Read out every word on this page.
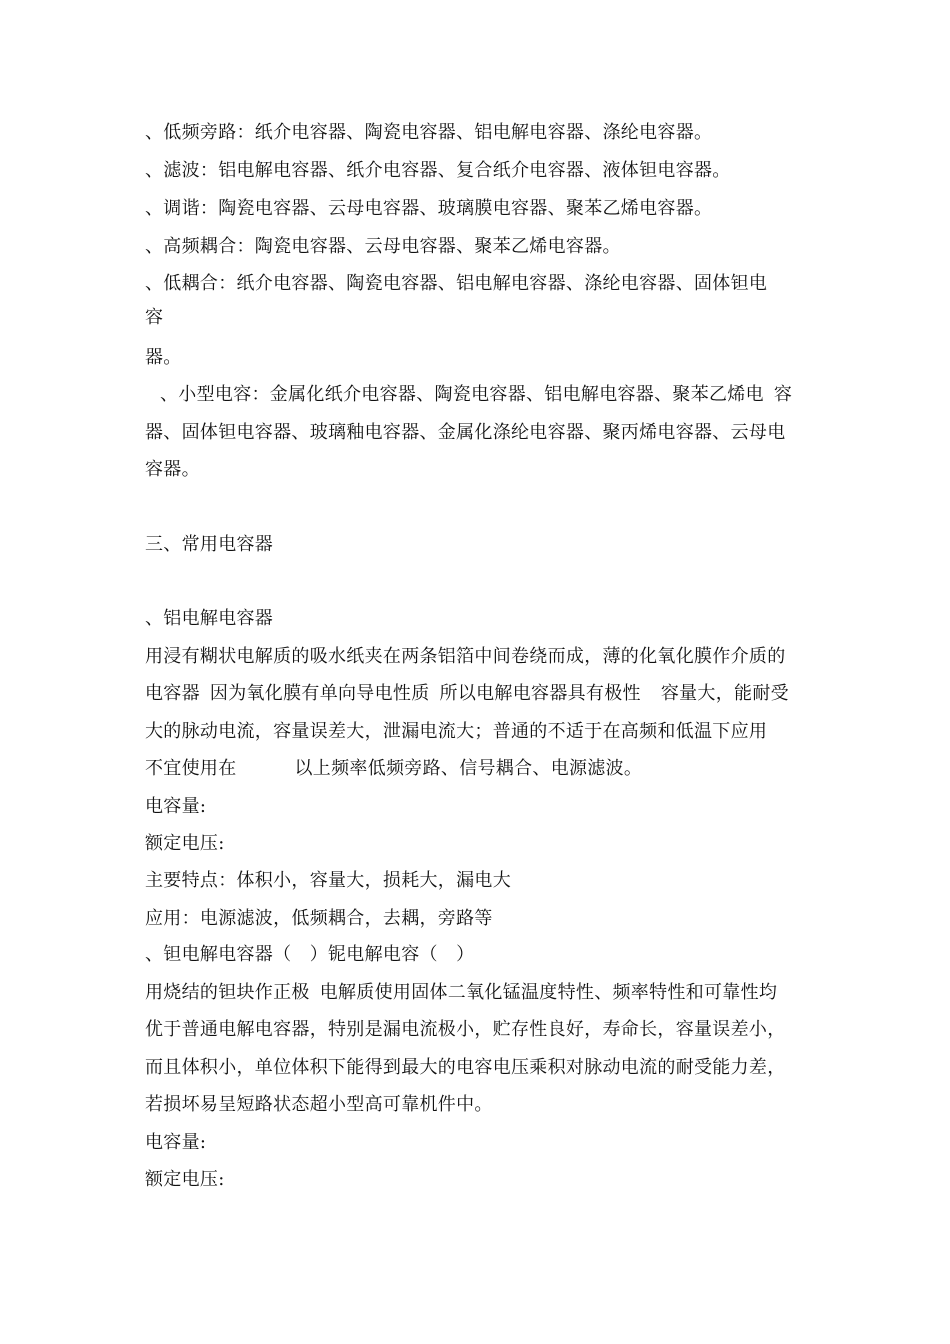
、低频旁路：纸介电容器、陶瓷电容器、铝电解电容器、涤纶电容器。
、滤波：铝电解电容器、纸介电容器、复合纸介电容器、液体钽电容器。
、调谐：陶瓷电容器、云母电容器、玻璃膜电容器、聚苯乙烯电容器。
、高频耦合：陶瓷电容器、云母电容器、聚苯乙烯电容器。
、低耦合：纸介电容器、陶瓷电容器、铝电解电容器、涤纶电容器、固体钽电
容
器。
、小型电容：金属化纸介电容器、陶瓷电容器、铝电解电容器、聚苯乙烯电 容
器、固体钽电容器、玻璃釉电容器、金属化涤纶电容器、聚丙烯电容器、云母电
容器。
三、常用电容器
、铝电解电容器
用浸有糊状电解质的吸水纸夹在两条铝箔中间卷绕而成，薄的化氧化膜作介质的
电容器 因为氧化膜有单向导电性质 所以电解电容器具有极性 容量大，能耐受
大的脉动电流，容量误差大，泄漏电流大；普通的不适于在高频和低温下应用
不宜使用在	以上频率低频旁路、信号耦合、电源滤波。
电容量:
额定电压:
主要特点：体积小，容量大，损耗大，漏电大
应用：电源滤波，低频耦合，去耦，旁路等
、钽电解电容器（　）铌电解电容（　）
用烧结的钽块作正极 电解质使用固体二氧化锰温度特性、频率特性和可靠性均
优于普通电解电容器，特别是漏电流极小，贮存性良好，寿命长，容量误差小，
而且体积小，单位体积下能得到最大的电容电压乘积对脉动电流的耐受能力差，
若损坏易呈短路状态超小型高可靠机件中。
电容量:
额定电压:
